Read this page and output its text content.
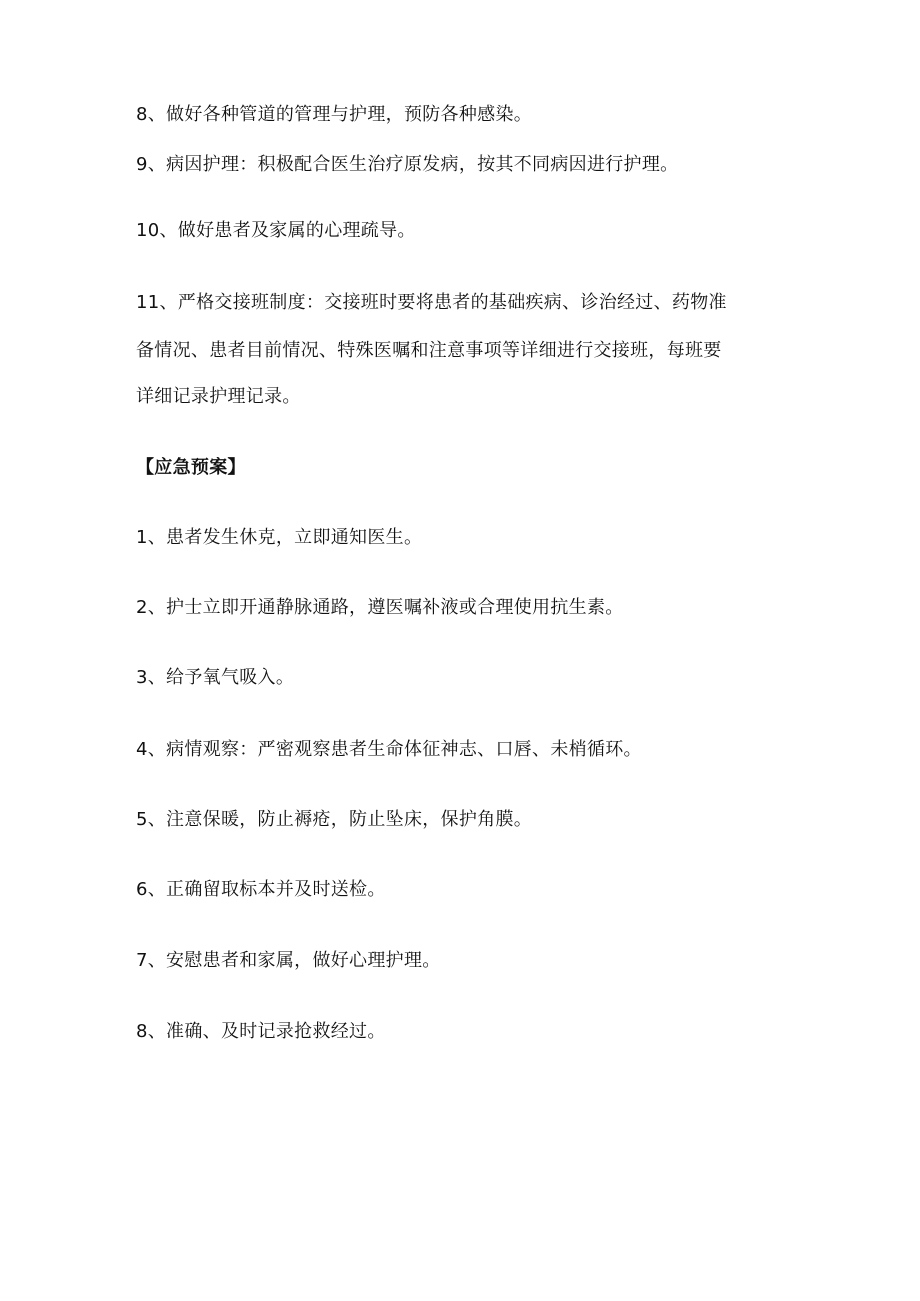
8、做好各种管道的管理与护理，预防各种感染。
9、病因护理：积极配合医生治疗原发病，按其不同病因进行护理。
10、做好患者及家属的心理疏导。
11、严格交接班制度：交接班时要将患者的基础疾病、诊治经过、药物准
备情况、患者目前情况、特殊医嘱和注意事项等详细进行交接班，每班要
详细记录护理记录。
【应急预案】
1、患者发生休克，立即通知医生。
2、护士立即开通静脉通路，遵医嘱补液或合理使用抗生素。
3、给予氧气吸入。
4、病情观察：严密观察患者生命体征神志、口唇、未梢循环。
5、注意保暖，防止褥疮，防止坠床，保护角膜。
6、正确留取标本并及时送检。
7、安慰患者和家属，做好心理护理。
8、准确、及时记录抢救经过。
